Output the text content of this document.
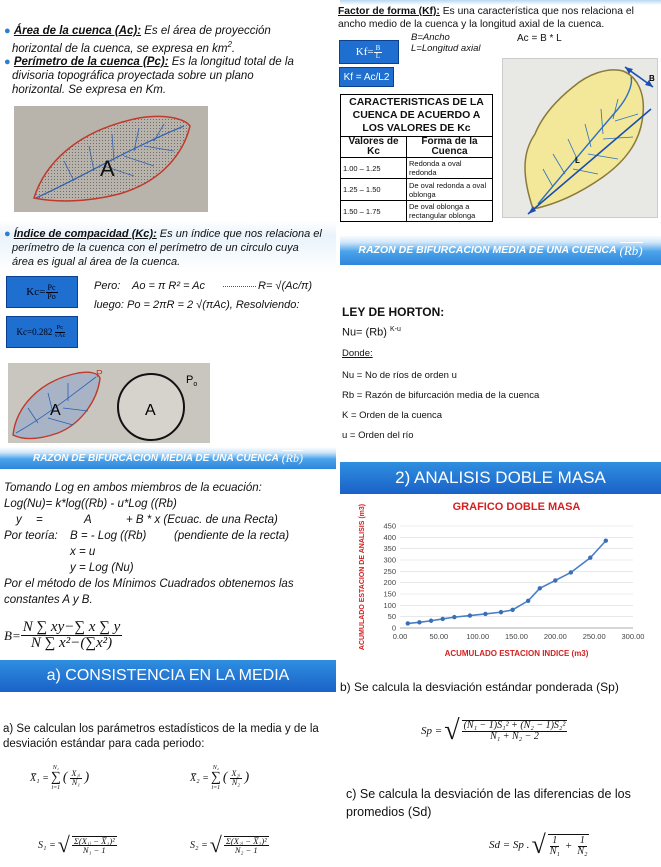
● Área de la cuenca (Ac): Es el área de proyección
horizontal de la cuenca, se expresa en $km^2$.
● Perímetro de la cuenca (Pc): Es la longitud total de la
divisoria topográfica proyectada sobre un plano
horizontal. Se expresa en Km.
A
Factor de forma (Kf): Es una característica que nos relaciona el
ancho medio de la cuenca y la longitud axial de la cuenca.
B=Ancho
L=Longitud axial
Ac = B * L
$Kf= \frac{B}{L}$
Kf = Ac/L2
CARACTERISTICAS DE LA
CUENCA DE ACUERDO A
LOS VALORES DE Kc
Valores de Kc	Forma de la Cuenca
1.00 – 1.25	Redonda a oval redonda
1.25 – 1.50	De oval redonda a oval oblonga
1.50 – 1.75	De oval oblonga a rectangular oblonga
B
L
● Índice de compacidad (Kc): Es un índice que nos relaciona el
perímetro de la cuenca con el perímetro de un circulo cuya
área es igual al área de la cuenca.
$Kc= \frac{Pc}{Po}$	Pero: Ao = π R² = Ac	R= √(Ac/π)
luego: Po = 2πR = 2 √(πAc), Resolviendo:
$Kc=0.282 \frac{Pc}{√Ac}$
A
P
A
$P_o$
RAZON DE BIFURCACION MEDIA DE UNA CUENCA
(Rb)
Tomando Log en ambos miembros de la ecuación:
Log(Nu)= k*log((Rb) - u*Log ((Rb)
y =	A	+ B * x (Ecuac. de una Recta)
Por teoría: B = - Log ((Rb) (pendiente de la recta)
x = u
y = Log (Nu)
Por el método de los Mínimos Cuadrados obtenemos las
constantes A y B.
$B= \frac{N \sum xy-\sum x \sum y}{\text{N ∑ x²−(∑x²)}}$
RAZON DE BIFURCACION MEDIA DE UNA CUENCA
(Rb)
LEY DE HORTON:
Nu= (Rb) $^{K-u}$
Donde:
Nu = No de ríos de orden u
Rb = Razón de bifurcación media de la cuenca
K = Orden de la cuenca
u = Orden del río
2) ANALISIS DOBLE MASA
GRAFICO DOBLE MASA
0
50
100
150
200
250
300
350
400
450
0.00	50.00 100.00 150.00 200.00 250.00 300.00
ACUMULADO ESTACION INDICE (m3)
ACUMULADO ESTACION DE ANALISIS (m3)
a) CONSISTENCIA EN LA MEDIA
a) Se calculan los parámetros estadísticos de la media y de la
desviación estándar para cada periodo:
X̅₁ =
N₁
∑
i=1
( $\frac{\text{X₁ᵢ}}{\text{N₁}}$ )	X̅₂ =
N₂
∑
i=1
( $\frac{\text{X₂ᵢ}}{\text{N₂}}$ )
S₁ = √ $\frac{\text{Σ(X₁ᵢ − X̅₁)²}}{\text{N₁ − 1}}$	S₂ = √ $\frac{\text{Σ(X₂ᵢ − X̅₂)²}}{\text{N₂ − 1}}$
b) Se calcula la desviación estándar ponderada (Sp)
Sp = √ $\frac{\text{(N₁ − 1)S₁² + (N₂ − 1)S₂²}}{\text{N₁ + N₂ − 2}}$
c) Se calcula la desviación de las diferencias de los
promedios (Sd)
Sd = Sp . √ $\frac{1}{\text{N₁}} + \frac{1}{\text{N₂}}$
